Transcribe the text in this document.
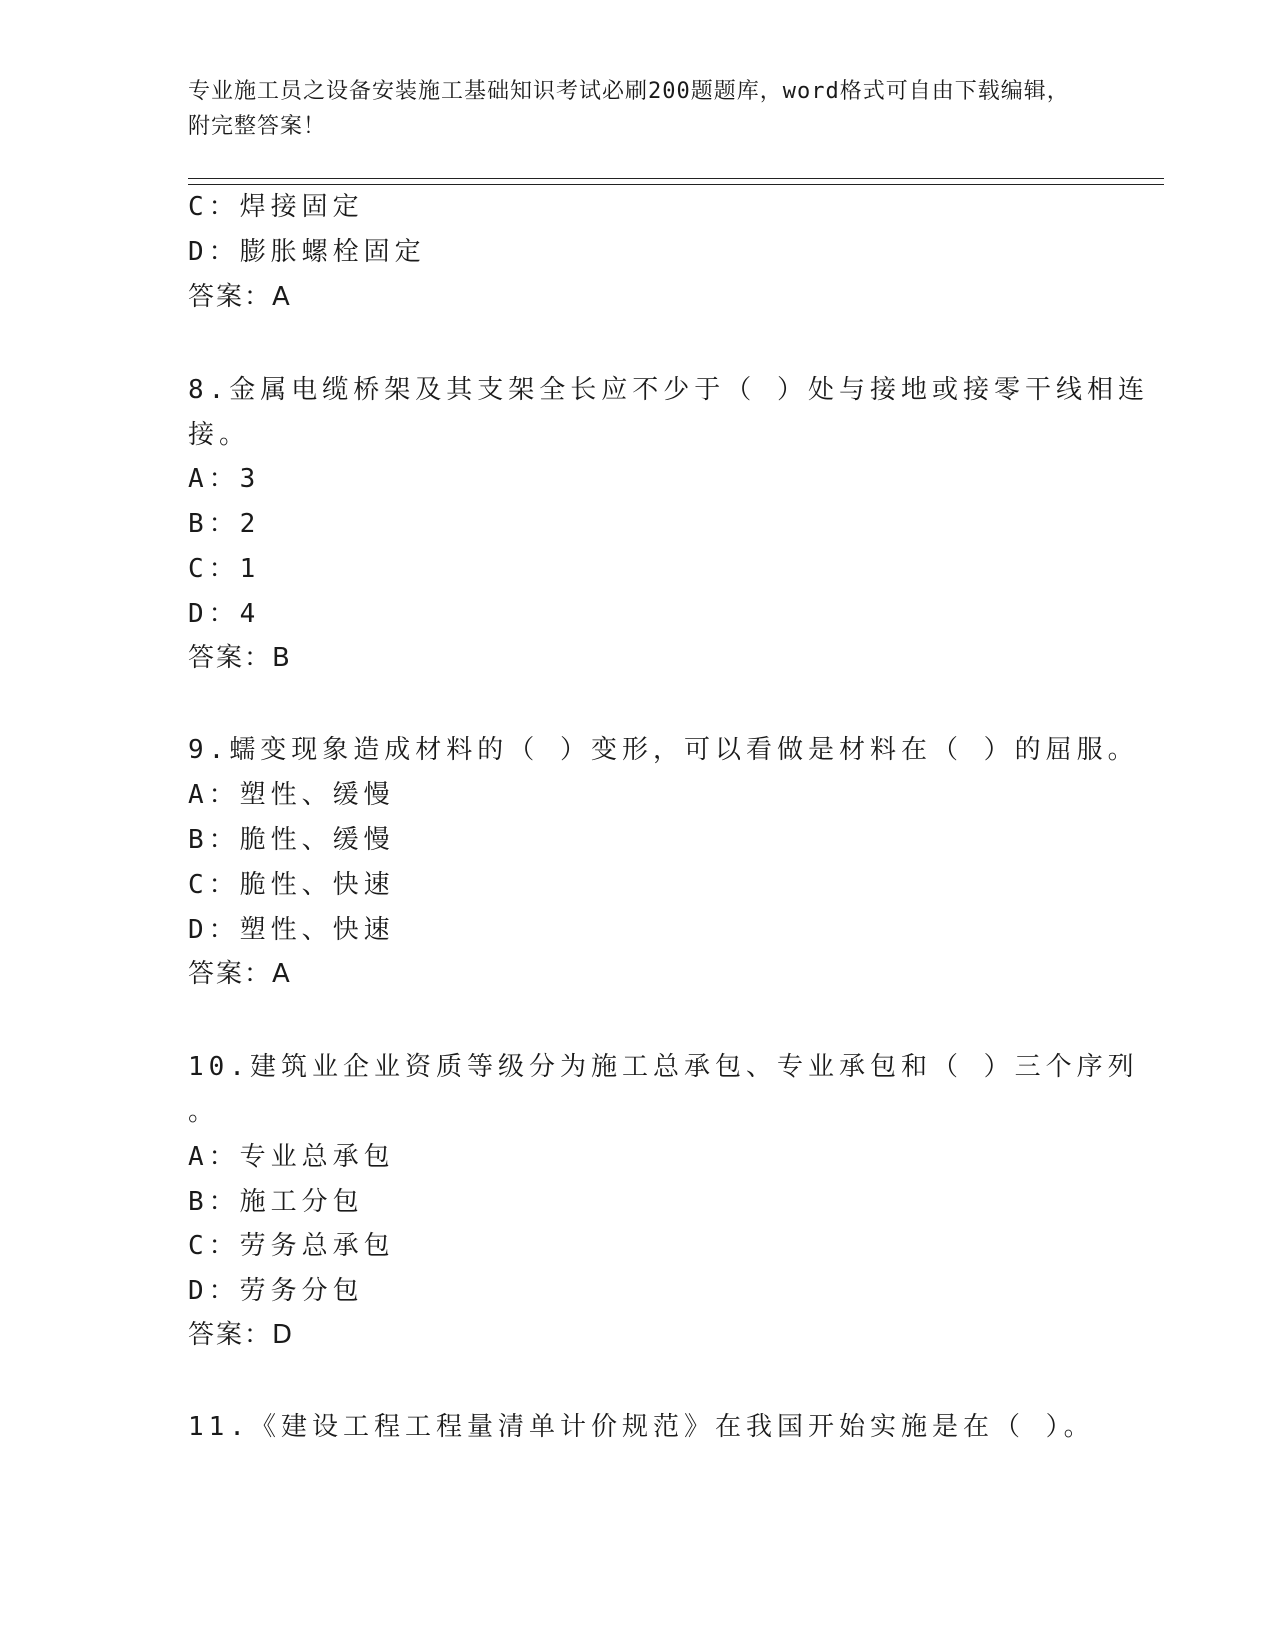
专业施工员之设备安装施工基础知识考试必刷200题题库，word格式可自由下载编辑，附完整答案！
C：焊接固定
D：膨胀螺栓固定
答案：A
8.金属电缆桥架及其支架全长应不少于（ ）处与接地或接零干线相连
接。
A：3
B：2
C：1
D：4
答案：B
9.蠕变现象造成材料的（ ）变形，可以看做是材料在（ ）的屈服。
A：塑性、缓慢
B：脆性、缓慢
C：脆性、快速
D：塑性、快速
答案：A
10.建筑业企业资质等级分为施工总承包、专业承包和（ ）三个序列
。
A：专业总承包
B：施工分包
C：劳务总承包
D：劳务分包
答案：D
11.《建设工程工程量清单计价规范》在我国开始实施是在（ ）。
